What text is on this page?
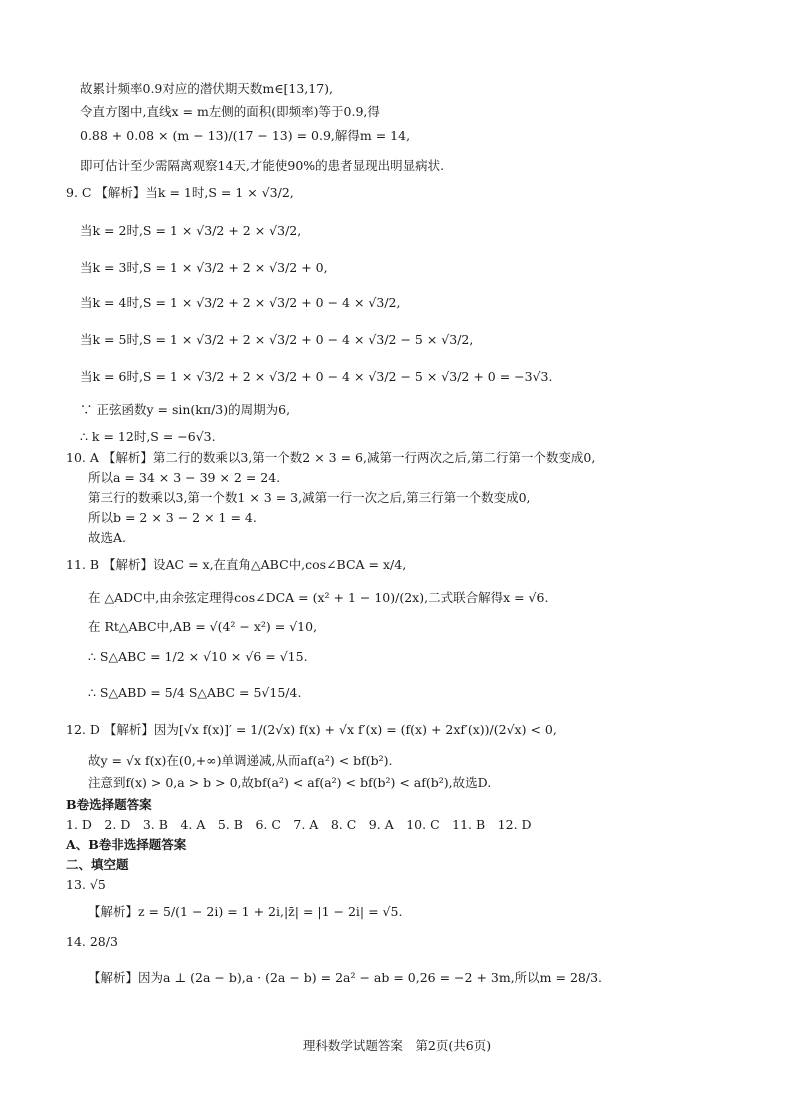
故累计频率0.9对应的潜伏期天数m∈[13,17),
令直方图中,直线x = m左侧的面积(即频率)等于0.9,得
0.88 + 0.08 × (m − 13)/(17 − 13) = 0.9,解得m = 14,
即可估计至少需隔离观察14天,才能使90%的患者显现出明显病状.
9. C 【解析】当k = 1时,S = 1 × √3/2,
当k = 2时,S = 1 × √3/2 + 2 × √3/2,
当k = 3时,S = 1 × √3/2 + 2 × √3/2 + 0,
当k = 4时,S = 1 × √3/2 + 2 × √3/2 + 0 − 4 × √3/2,
当k = 5时,S = 1 × √3/2 + 2 × √3/2 + 0 − 4 × √3/2 − 5 × √3/2,
当k = 6时,S = 1 × √3/2 + 2 × √3/2 + 0 − 4 × √3/2 − 5 × √3/2 + 0 = −3√3.
∵ 正弦函数y = sin(kπ/3)的周期为6,
∴ k = 12时,S = −6√3.
10. A 【解析】第二行的数乘以3,第一个数2 × 3 = 6,减第一行两次之后,第二行第一个数变成0,
所以a = 34 × 3 − 39 × 2 = 24.
第三行的数乘以3,第一个数1 × 3 = 3,减第一行一次之后,第三行第一个数变成0,
所以b = 2 × 3 − 2 × 1 = 4.
故选A.
11. B 【解析】设AC = x,在直角△ABC中,cos∠BCA = x/4,
在 △ADC中,由余弦定理得cos∠DCA = (x² + 1 − 10)/(2x),二式联合解得x = √6.
在 Rt△ABC中,AB = √(4² − x²) = √10,
∴ S△ABC = 1/2 × √10 × √6 = √15.
∴ S△ABD = 5/4 S△ABC = 5√15/4.
12. D 【解析】因为[√x f(x)]′ = 1/(2√x) f(x) + √x f′(x) = (f(x) + 2xf′(x))/(2√x) < 0,
故y = √x f(x)在(0,+∞)单调递减,从而af(a²) < bf(b²).
注意到f(x) > 0,a > b > 0,故bf(a²) < af(a²) < bf(b²) < af(b²),故选D.
B卷选择题答案
1. D　2. D　3. B　4. A　5. B　6. C　7. A　8. C　9. A　10. C　11. B　12. D
A、B卷非选择题答案
二、填空题
13. √5
【解析】z = 5/(1 − 2i) = 1 + 2i,|z̄| = |1 − 2i| = √5.
14. 28/3
【解析】因为a ⊥ (2a − b),a · (2a − b) = 2a² − ab = 0,26 = −2 + 3m,所以m = 28/3.
理科数学试题答案　第2页(共6页)
